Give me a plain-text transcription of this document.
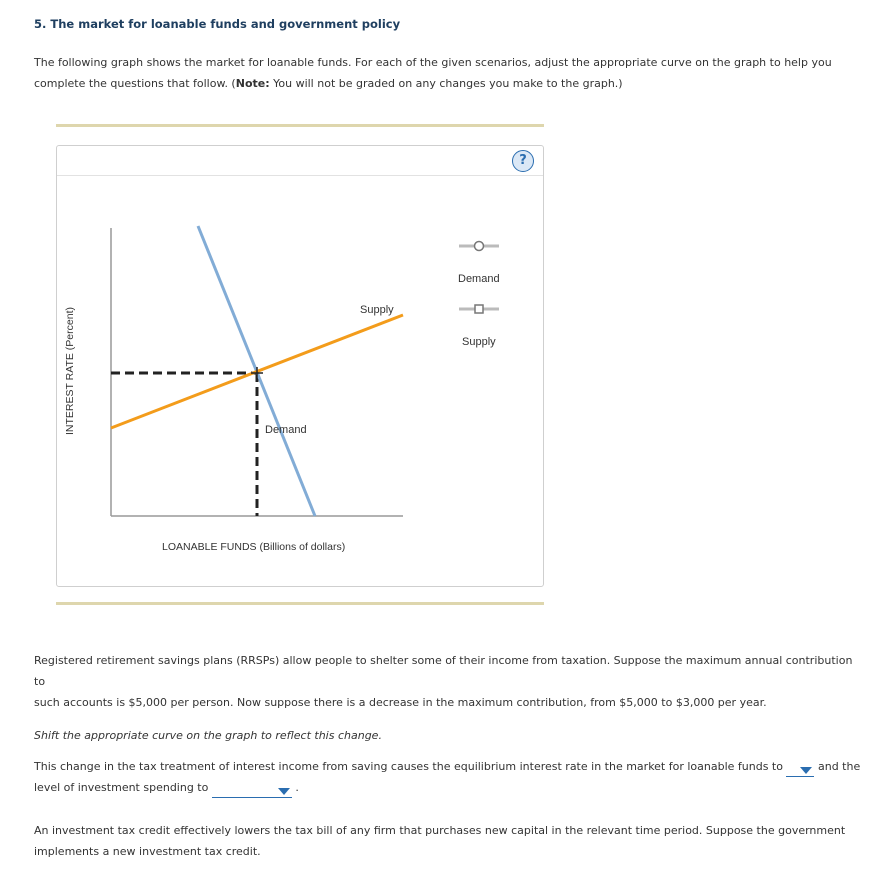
5. The market for loanable funds and government policy
The following graph shows the market for loanable funds. For each of the given scenarios, adjust the appropriate curve on the graph to help you
complete the questions that follow. (Note: You will not be graded on any changes you make to the graph.)
?
Supply
Demand
Demand
Supply
INTEREST RATE (Percent)
LOANABLE FUNDS (Billions of dollars)
Registered retirement savings plans (RRSPs) allow people to shelter some of their income from taxation. Suppose the maximum annual contribution to
such accounts is $5,000 per person. Now suppose there is a decrease in the maximum contribution, from $5,000 to $3,000 per year.
Shift the appropriate curve on the graph to reflect this change.
This change in the tax treatment of interest income from saving causes the equilibrium interest rate in the market for loanable funds to	and the
level of investment spending to	.
An investment tax credit effectively lowers the tax bill of any firm that purchases new capital in the relevant time period. Suppose the government
implements a new investment tax credit.
